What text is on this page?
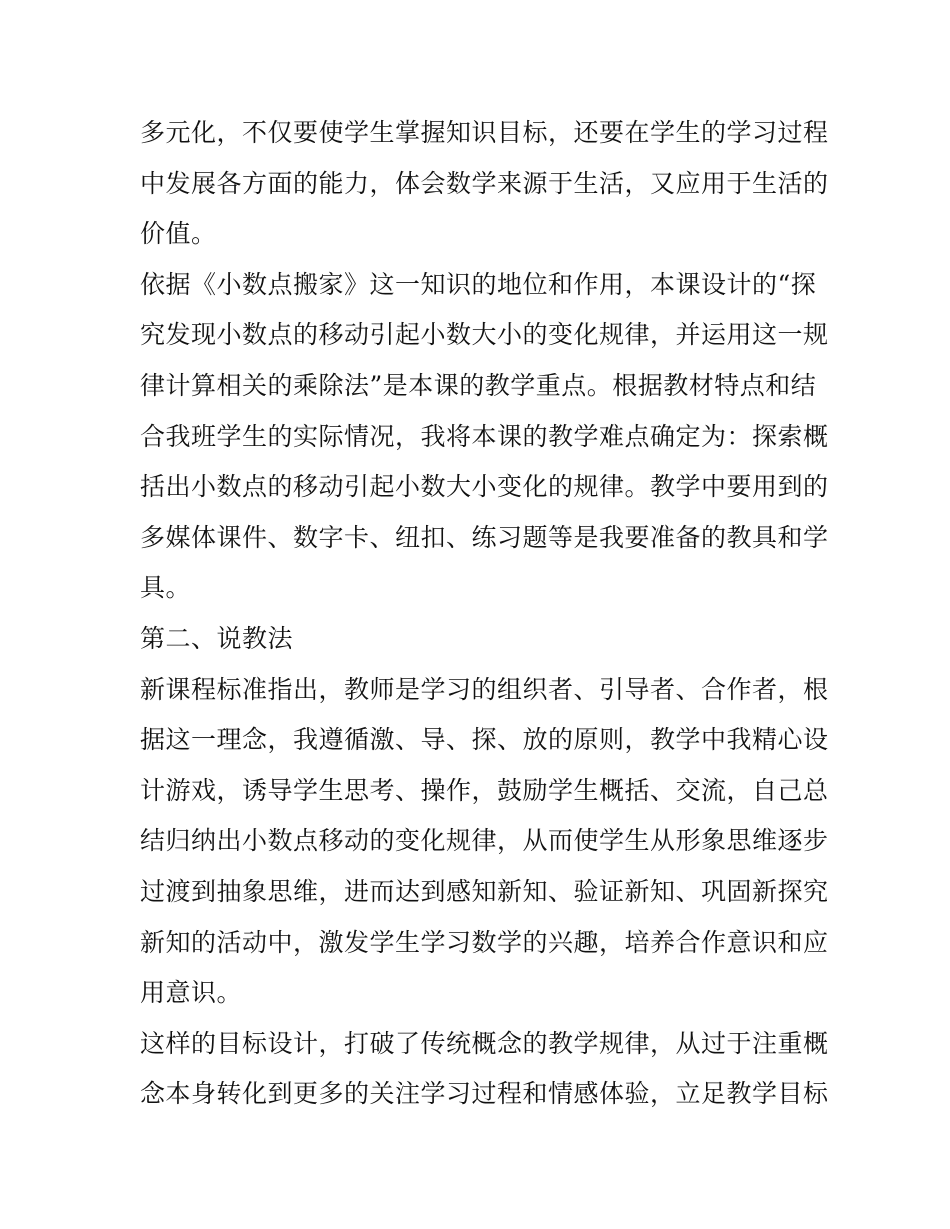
多元化，不仅要使学生掌握知识目标，还要在学生的学习过程
中发展各方面的能力，体会数学来源于生活，又应用于生活的
价值。
依据《小数点搬家》这一知识的地位和作用，本课设计的“探
究发现小数点的移动引起小数大小的变化规律，并运用这一规
律计算相关的乘除法”是本课的教学重点。根据教材特点和结
合我班学生的实际情况，我将本课的教学难点确定为：探索概
括出小数点的移动引起小数大小变化的规律。教学中要用到的
多媒体课件、数字卡、纽扣、练习题等是我要准备的教具和学
具。
第二、说教法
新课程标准指出，教师是学习的组织者、引导者、合作者，根
据这一理念，我遵循激、导、探、放的原则，教学中我精心设
计游戏，诱导学生思考、操作，鼓励学生概括、交流，自己总
结归纳出小数点移动的变化规律，从而使学生从形象思维逐步
过渡到抽象思维，进而达到感知新知、验证新知、巩固新探究
新知的活动中，激发学生学习数学的兴趣，培养合作意识和应
用意识。
这样的目标设计，打破了传统概念的教学规律，从过于注重概
念本身转化到更多的关注学习过程和情感体验，立足教学目标
